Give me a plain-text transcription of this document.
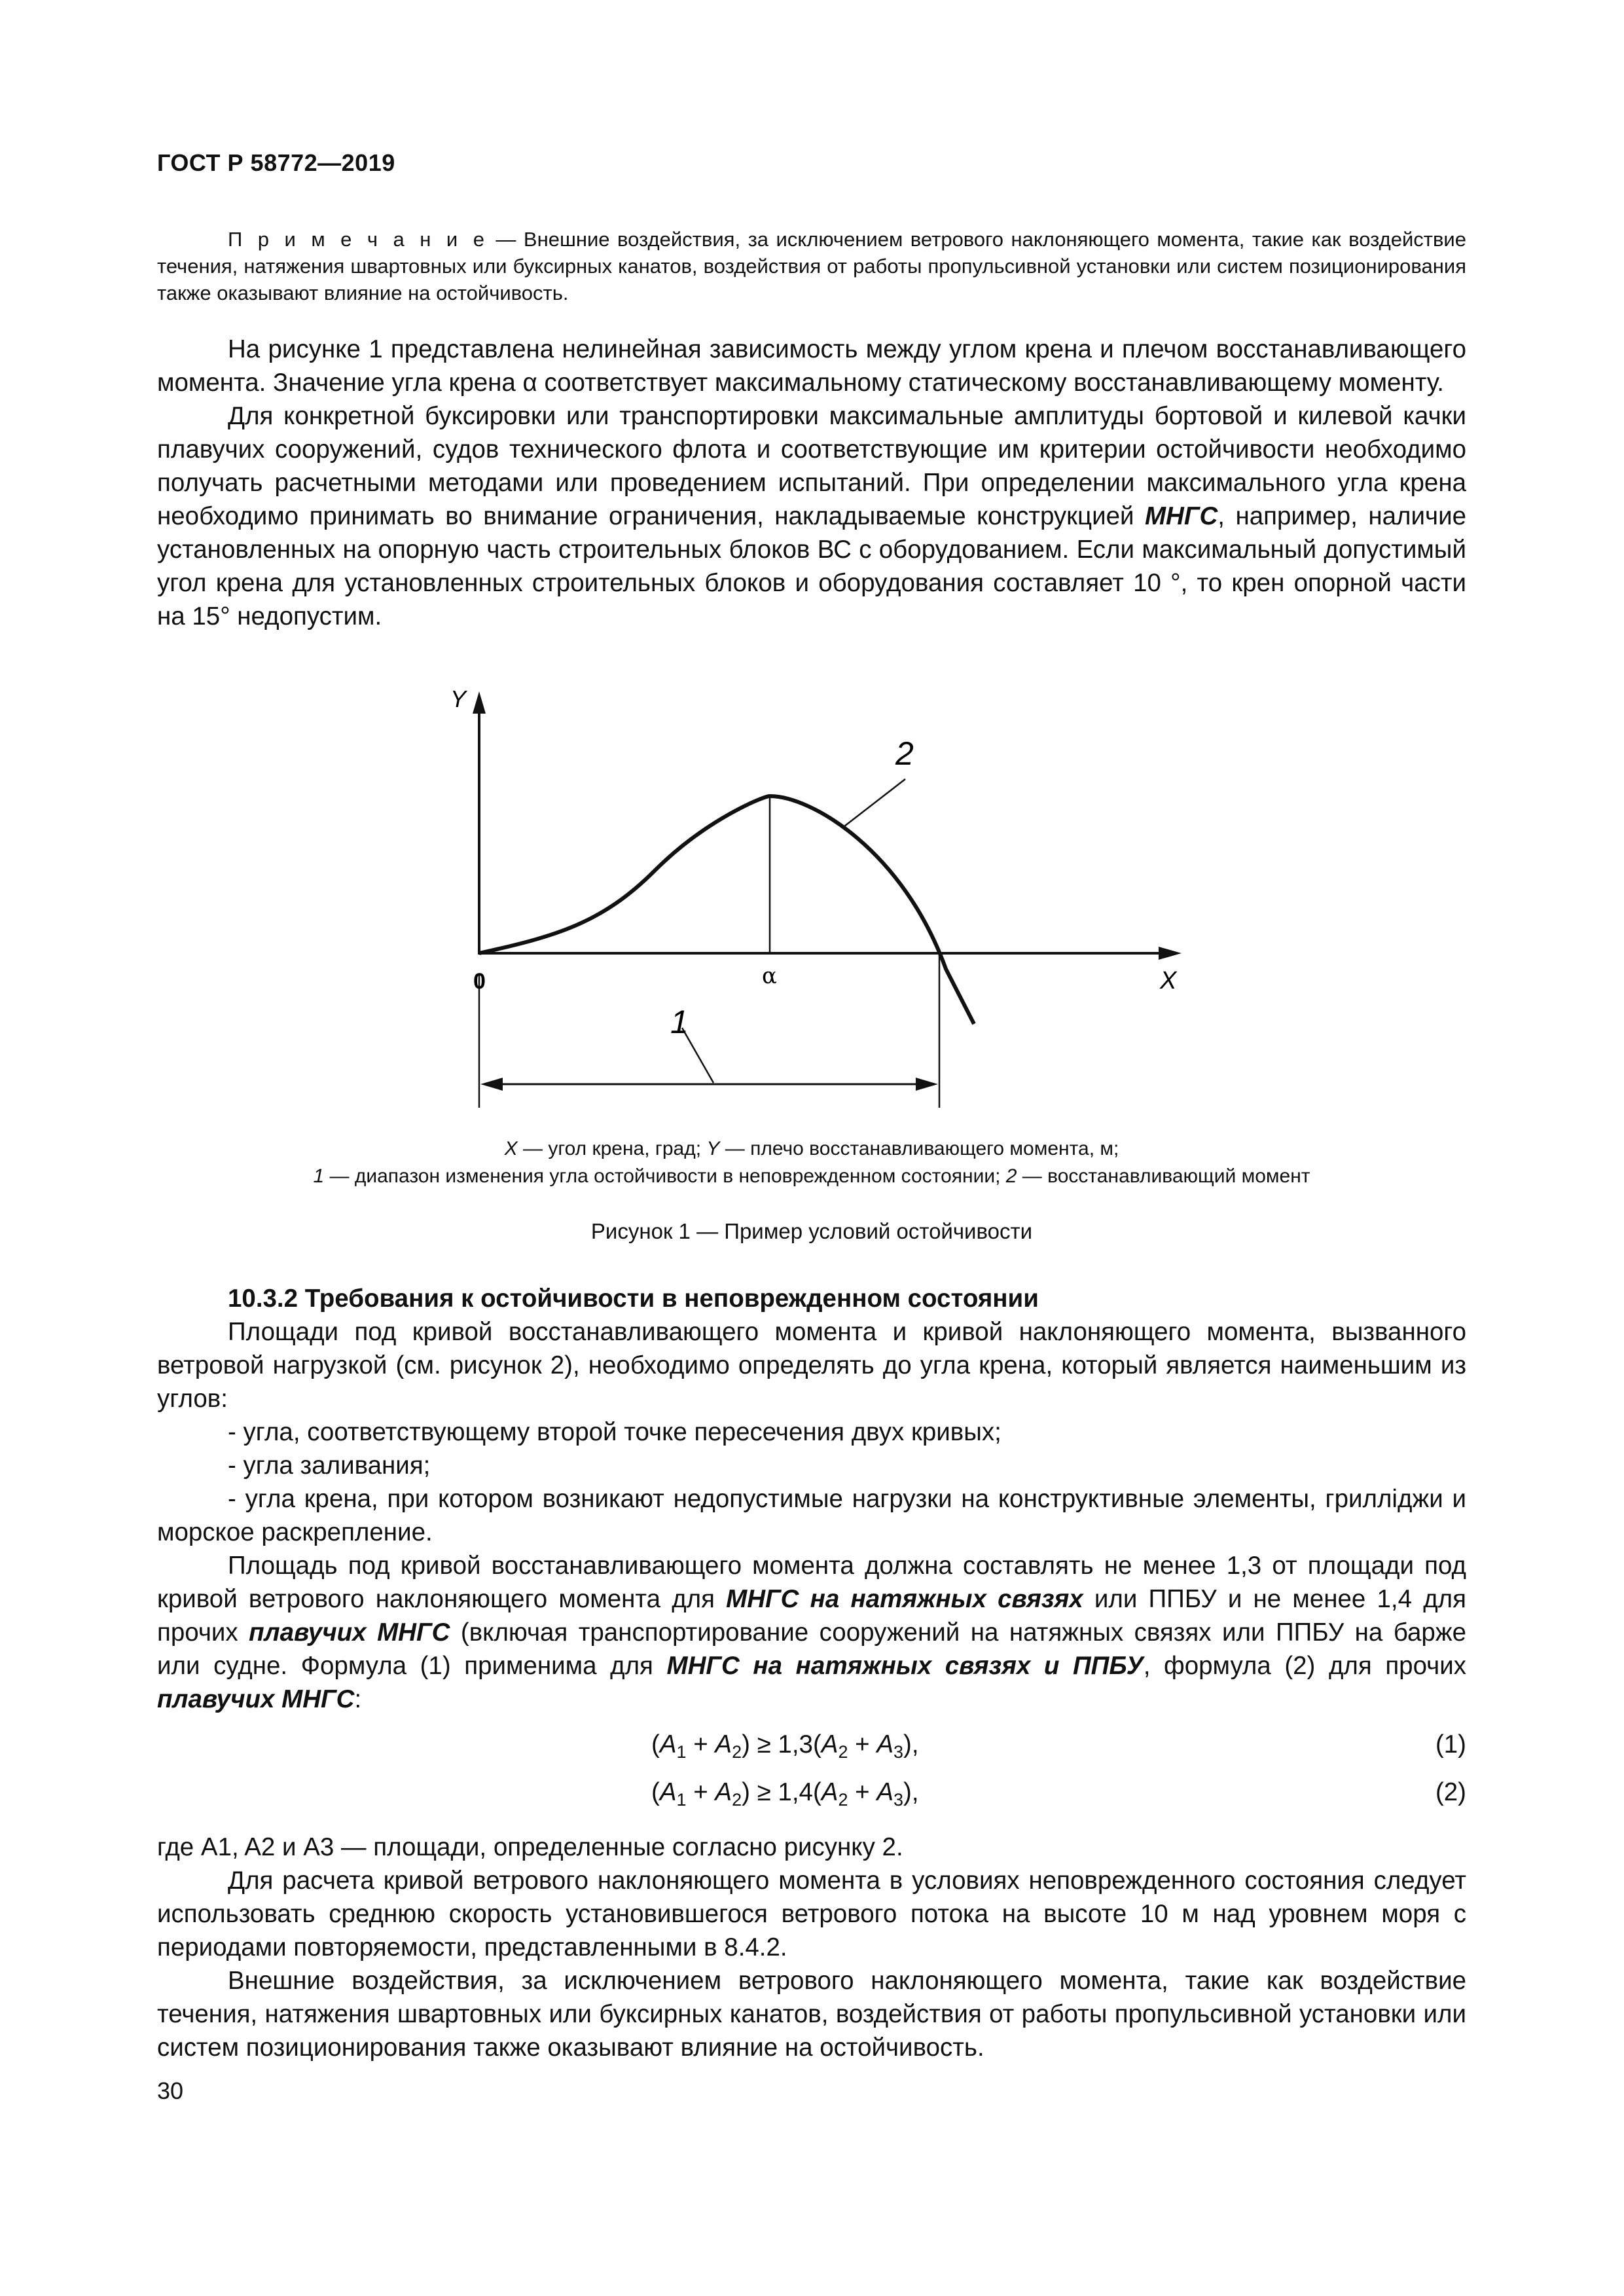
ГОСТ Р 58772—2019

П р и м е ч а н и е — Внешние воздействия, за исключением ветрового наклоняющего момента, такие как воздействие течения, натяжения швартовных или буксирных канатов, воздействия от работы пропульсивной установки или систем позиционирования также оказывают влияние на остойчивость.

На рисунке 1 представлена нелинейная зависимость между углом крена и плечом восстанавливающего момента. Значение угла крена α соответствует максимальному статическому восстанавливающему моменту.

Для конкретной буксировки или транспортировки максимальные амплитуды бортовой и килевой качки плавучих сооружений, судов технического флота и соответствующие им критерии остойчивости необходимо получать расчетными методами или проведением испытаний. При определении максимального угла крена необходимо принимать во внимание ограничения, накладываемые конструкцией МНГС, например, наличие установленных на опорную часть строительных блоков ВС с оборудованием. Если максимальный допустимый угол крена для установленных строительных блоков и оборудования составляет 10 °, то крен опорной части на 15° недопустим.

Y
X
0	α
1
2
X — угол крена, град; Y — плечо восстанавливающего момента, м;
1 — диапазон изменения угла остойчивости в неповрежденном состоянии; 2 — восстанавливающий момент
Рисунок 1 — Пример условий остойчивости

10.3.2 Требования к остойчивости в неповрежденном состоянии

Площади под кривой восстанавливающего момента и кривой наклоняющего момента, вызванного ветровой нагрузкой (см. рисунок 2), необходимо определять до угла крена, который является наименьшим из углов:

- угла, соответствующему второй точке пересечения двух кривых;

- угла заливания;

- угла крена, при котором возникают недопустимые нагрузки на конструктивные элементы, грилліджи и морское раскрепление.

Площадь под кривой восстанавливающего момента должна составлять не менее 1,3 от площади под кривой ветрового наклоняющего момента для МНГС на натяжных связях или ППБУ и не менее 1,4 для прочих плавучих МНГС (включая транспортирование сооружений на натяжных связях или ППБУ на барже или судне. Формула (1) применима для МНГС на натяжных связях и ППБУ, формула (2) для прочих плавучих МНГС:

$(A_1 + A_2) \ge 1,3(A_2 + A_3)$,	(1)
$(A_1 + A_2) \ge 1,4(A_2 + A_3)$,	(2)

где A1, A2 и A3 — площади, определенные согласно рисунку 2.

Для расчета кривой ветрового наклоняющего момента в условиях неповрежденного состояния следует использовать среднюю скорость установившегося ветрового потока на высоте 10 м над уровнем моря с периодами повторяемости, представленными в 8.4.2.

Внешние воздействия, за исключением ветрового наклоняющего момента, такие как воздействие течения, натяжения швартовных или буксирных канатов, воздействия от работы пропульсивной установки или систем позиционирования также оказывают влияние на остойчивость.

30
